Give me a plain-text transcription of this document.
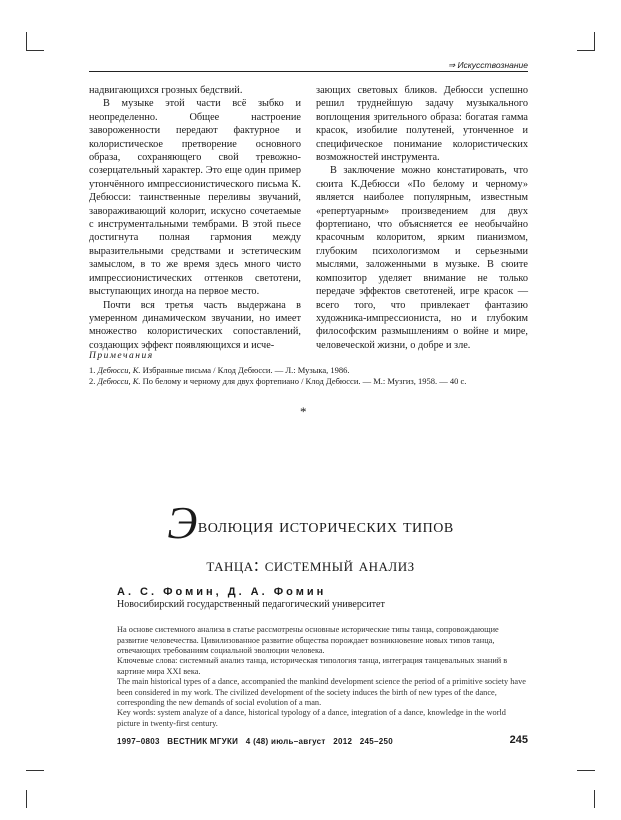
⇒ Искусствознание

надвигающихся грозных бедствий.

В музыке этой части всё зыбко и неопределенно. Общее настроение завороженности передают фактурное и колористическое претворение основного образа, сохраняющего свой тревожно-созерцательный характер. Это еще один пример утончённого импрессионистического письма К. Дебюсси: таинственные переливы звучаний, завораживающий колорит, искусно сочетаемые с инструментальными тембрами. В этой пьесе достигнута полная гармония между выразительными средствами и эстетическим замыслом, в то же время здесь много чисто импрессионистических оттенков светотени, выступающих иногда на первое место.

Почти вся третья часть выдержана в умеренном динамическом звучании, но имеет множество колористических сопоставлений, создающих эффект появляющихся и исче-

зающих световых бликов. Дебюсси успешно решил труднейшую задачу музыкального воплощения зрительного образа: богатая гамма красок, изобилие полутеней, утонченное и специфическое понимание колористических возможностей инструмента.

В заключение можно констатировать, что сюита К.Дебюсси «По белому и черному» является наиболее популярным, известным «репертуарным» произведением для двух фортепиано, что объясняется ее необычайно красочным колоритом, ярким пианизмом, глубоким психологизмом и серьезными мыслями, заложенными в музыке. В сюите композитор уделяет внимание не только передаче эффектов светотеней, игре красок — всего того, что привлекает фантазию художника-импрессиониста, но и глубоким философским размышлениям о войне и мире, человеческой жизни, о добре и зле.

Примечания
1. Дебюсси, К. Избранные письма / Клод Дебюсси. — Л.: Музыка, 1986.
2. Дебюсси, К. По белому и черному для двух фортепиано / Клод Дебюсси. — М.: Музгиз, 1958. — 40 с.
*
Эволюция исторических типов
танца: системный анализ
А. С. Фомин, Д. А. Фомин
Новосибирский государственный педагогический университет
На основе системного анализа в статье рассмотрены основные исторические типы танца, сопровождающие развитие человечества. Цивилизованное развитие общества порождает возникновение новых типов танца, отвечающих требованиям социальной эволюции человека.
Ключевые слова: системный анализ танца, историческая типология танца, интеграция танцевальных знаний в картине мира XXI века.
The main historical types of a dance, accompanied the mankind development science the period of a primitive society have been considered in my work. The civilized development of the society induces the birth of new types of the dance, corresponding the new demands of social evolution of a man.
Key words: system analyze of a dance, historical typology of a dance, integration of a dance, knowledge in the world picture in twenty-first century.
1997–0803   ВЕСТНИК МГУКИ   4 (48) июль–август   2012   245–250	245
